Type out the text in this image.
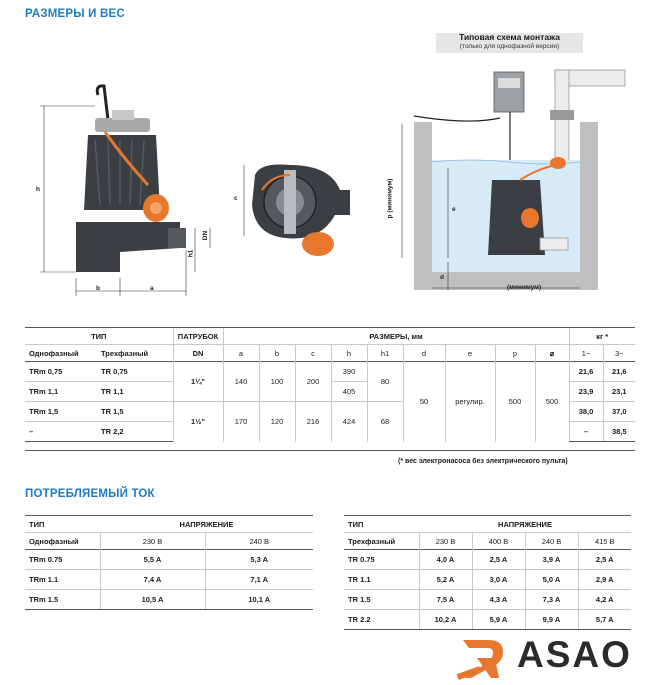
РАЗМЕРЫ И ВЕС
h
b	a
DN
h1
c	p (минимум)	e
d
(минимум)
Типовая схема монтажа
(только для однофазной версии)
ТИП		ПАТРУБОК	РАЗМЕРЫ, мм									кг *	
Однофазный	Трехфазный	DN	a	b	c	h	h1	d	e	p	⌀	1~	3~
TRm 0,75	TR 0,75	1¼"	140	100	200	390	80	50	регулир.	500	500	21,6	21,6
TRm 1,1	TR 1,1					405						23,9	23,1
TRm 1,5	TR 1,5	1½"	170	120	216	424	68					38,0	37,0
–	TR 2,2											–	38,5
(* вес электронасоса без электрического пульта)
ПОТРЕБЛЯЕМЫЙ ТОК
ТИП	НАПРЯЖЕНИЕ	
Однофазный	230 В	240 В
TRm 0.75	5,5 A	5,3 A
TRm 1.1	7,4 A	7,1 A
TRm 1.5	10,5 A	10,1 A
ТИП	НАПРЯЖЕНИЕ			
Трехфазный	230 В	400 В	240 В	415 В
TR 0.75	4,0 A	2,5 A	3,9 A	2,5 A
TR 1.1	5,2 A	3,0 A	5,0 A	2,9 A
TR 1.5	7,5 A	4,3 A	7,3 A	4,2 A
TR 2.2	10,2 A	5,9 A	9,9 A	5,7 A
ASAO
